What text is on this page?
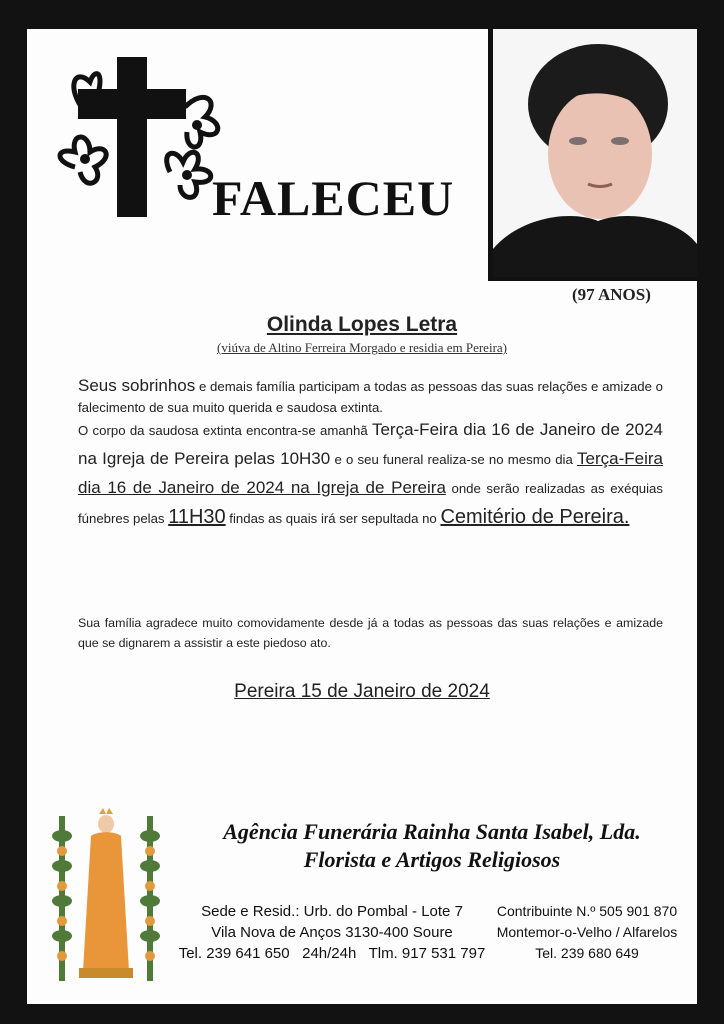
FALECEU
(97 ANOS)
Olinda Lopes Letra
(viúva de Altino Ferreira Morgado e residia em Pereira)
Seus sobrinhos e demais família participam a todas as pessoas das suas relações e amizade o falecimento de sua muito querida e saudosa extinta.
O corpo da saudosa extinta encontra-se amanhã Terça-Feira dia 16 de Janeiro de 2024 na Igreja de Pereira pelas 10H30 e o seu funeral realiza-se no mesmo dia Terça-Feira dia 16 de Janeiro de 2024 na Igreja de Pereira onde serão realizadas as exéquias fúnebres pelas 11H30 findas as quais irá ser sepultada no Cemitério de Pereira.
Sua família agradece muito comovidamente desde já a todas as pessoas das suas relações e amizade que se dignarem a assistir a este piedoso ato.
Pereira 15 de Janeiro de 2024
Agência Funerária Rainha Santa Isabel, Lda.
Florista e Artigos Religiosos
Sede e Resid.: Urb. do Pombal - Lote 7
Vila Nova de Anços 3130-400 Soure
Tel. 239 641 650   24h/24h   Tlm. 917 531 797
Contribuinte N.º 505 901 870
Montemor-o-Velho / Alfarelos
Tel. 239 680 649
